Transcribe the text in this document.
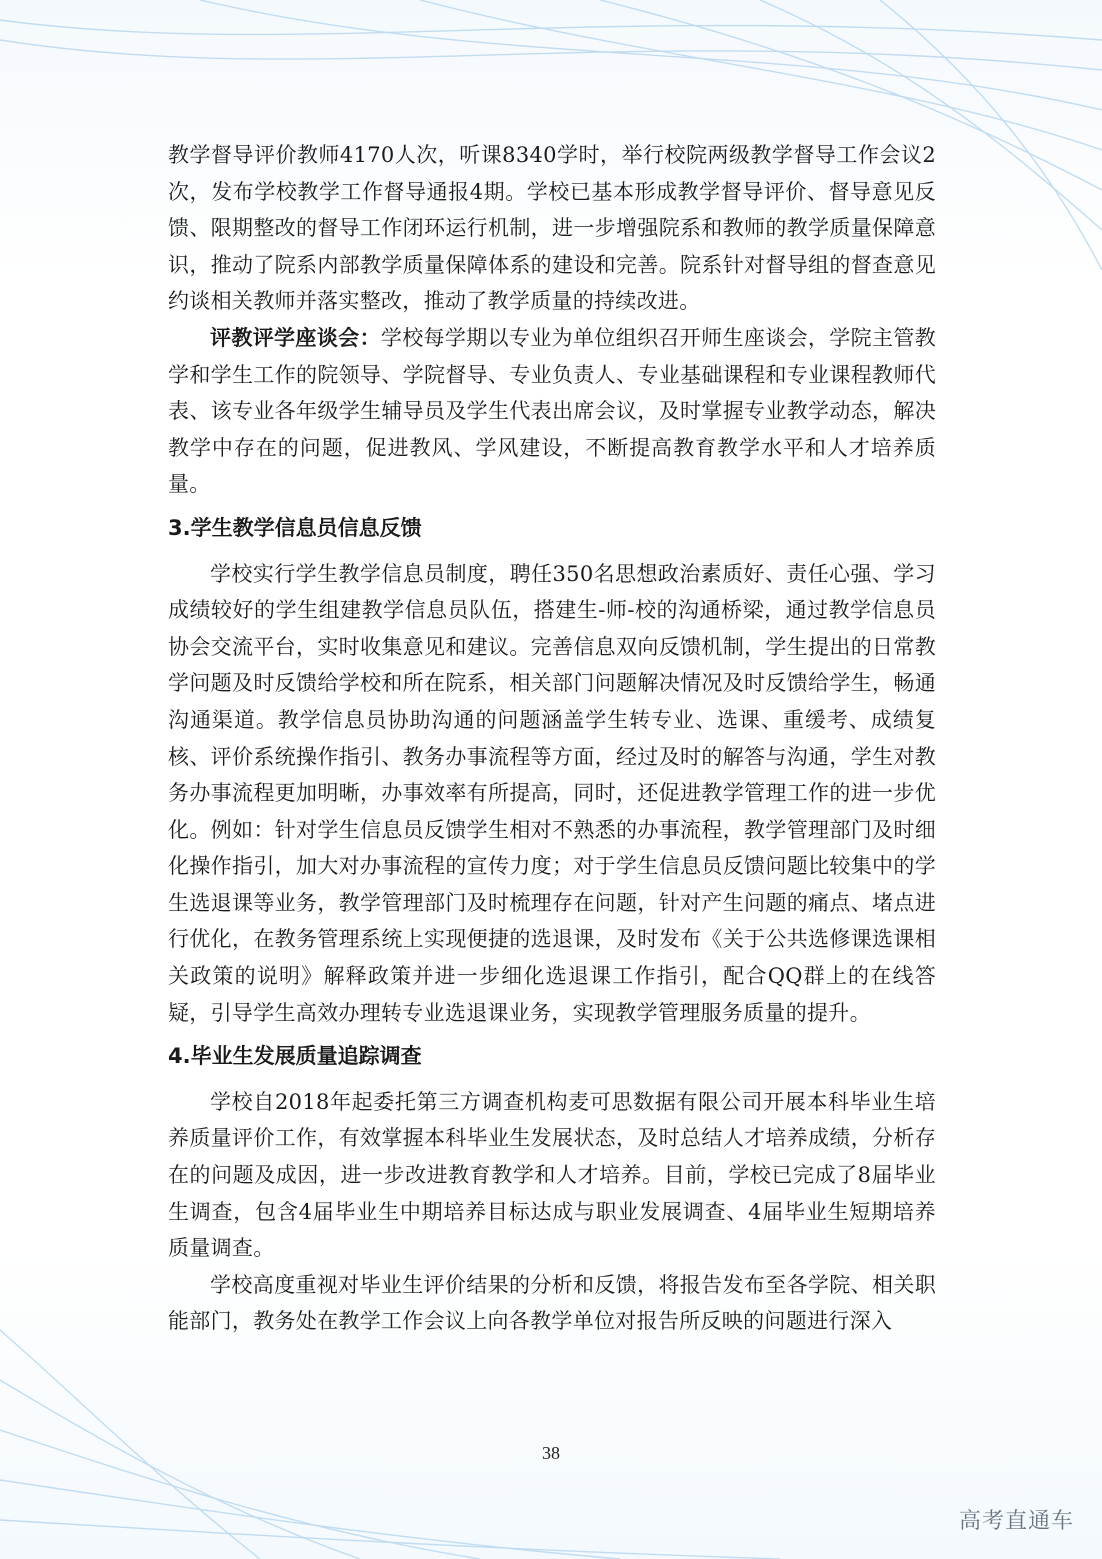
教学督导评价教师4170人次，听课8340学时，举行校院两级教学督导工作会议2次，发布学校教学工作督导通报4期。学校已基本形成教学督导评价、督导意见反馈、限期整改的督导工作闭环运行机制，进一步增强院系和教师的教学质量保障意识，推动了院系内部教学质量保障体系的建设和完善。院系针对督导组的督查意见约谈相关教师并落实整改，推动了教学质量的持续改进。

评教评学座谈会：学校每学期以专业为单位组织召开师生座谈会，学院主管教学和学生工作的院领导、学院督导、专业负责人、专业基础课程和专业课程教师代表、该专业各年级学生辅导员及学生代表出席会议，及时掌握专业教学动态，解决教学中存在的问题，促进教风、学风建设，不断提高教育教学水平和人才培养质量。

3.学生教学信息员信息反馈

学校实行学生教学信息员制度，聘任350名思想政治素质好、责任心强、学习成绩较好的学生组建教学信息员队伍，搭建生-师-校的沟通桥梁，通过教学信息员协会交流平台，实时收集意见和建议。完善信息双向反馈机制，学生提出的日常教学问题及时反馈给学校和所在院系，相关部门问题解决情况及时反馈给学生，畅通沟通渠道。教学信息员协助沟通的问题涵盖学生转专业、选课、重缓考、成绩复核、评价系统操作指引、教务办事流程等方面，经过及时的解答与沟通，学生对教务办事流程更加明晰，办事效率有所提高，同时，还促进教学管理工作的进一步优化。例如：针对学生信息员反馈学生相对不熟悉的办事流程，教学管理部门及时细化操作指引，加大对办事流程的宣传力度；对于学生信息员反馈问题比较集中的学生选退课等业务，教学管理部门及时梳理存在问题，针对产生问题的痛点、堵点进行优化，在教务管理系统上实现便捷的选退课，及时发布《关于公共选修课选课相关政策的说明》解释政策并进一步细化选退课工作指引，配合QQ群上的在线答疑，引导学生高效办理转专业选退课业务，实现教学管理服务质量的提升。

4.毕业生发展质量追踪调查

学校自2018年起委托第三方调查机构麦可思数据有限公司开展本科毕业生培养质量评价工作，有效掌握本科毕业生发展状态，及时总结人才培养成绩，分析存在的问题及成因，进一步改进教育教学和人才培养。目前，学校已完成了8届毕业生调查，包含4届毕业生中期培养目标达成与职业发展调查、4届毕业生短期培养质量调查。

学校高度重视对毕业生评价结果的分析和反馈，将报告发布至各学院、相关职能部门，教务处在教学工作会议上向各教学单位对报告所反映的问题进行深入

38
高考直通车
